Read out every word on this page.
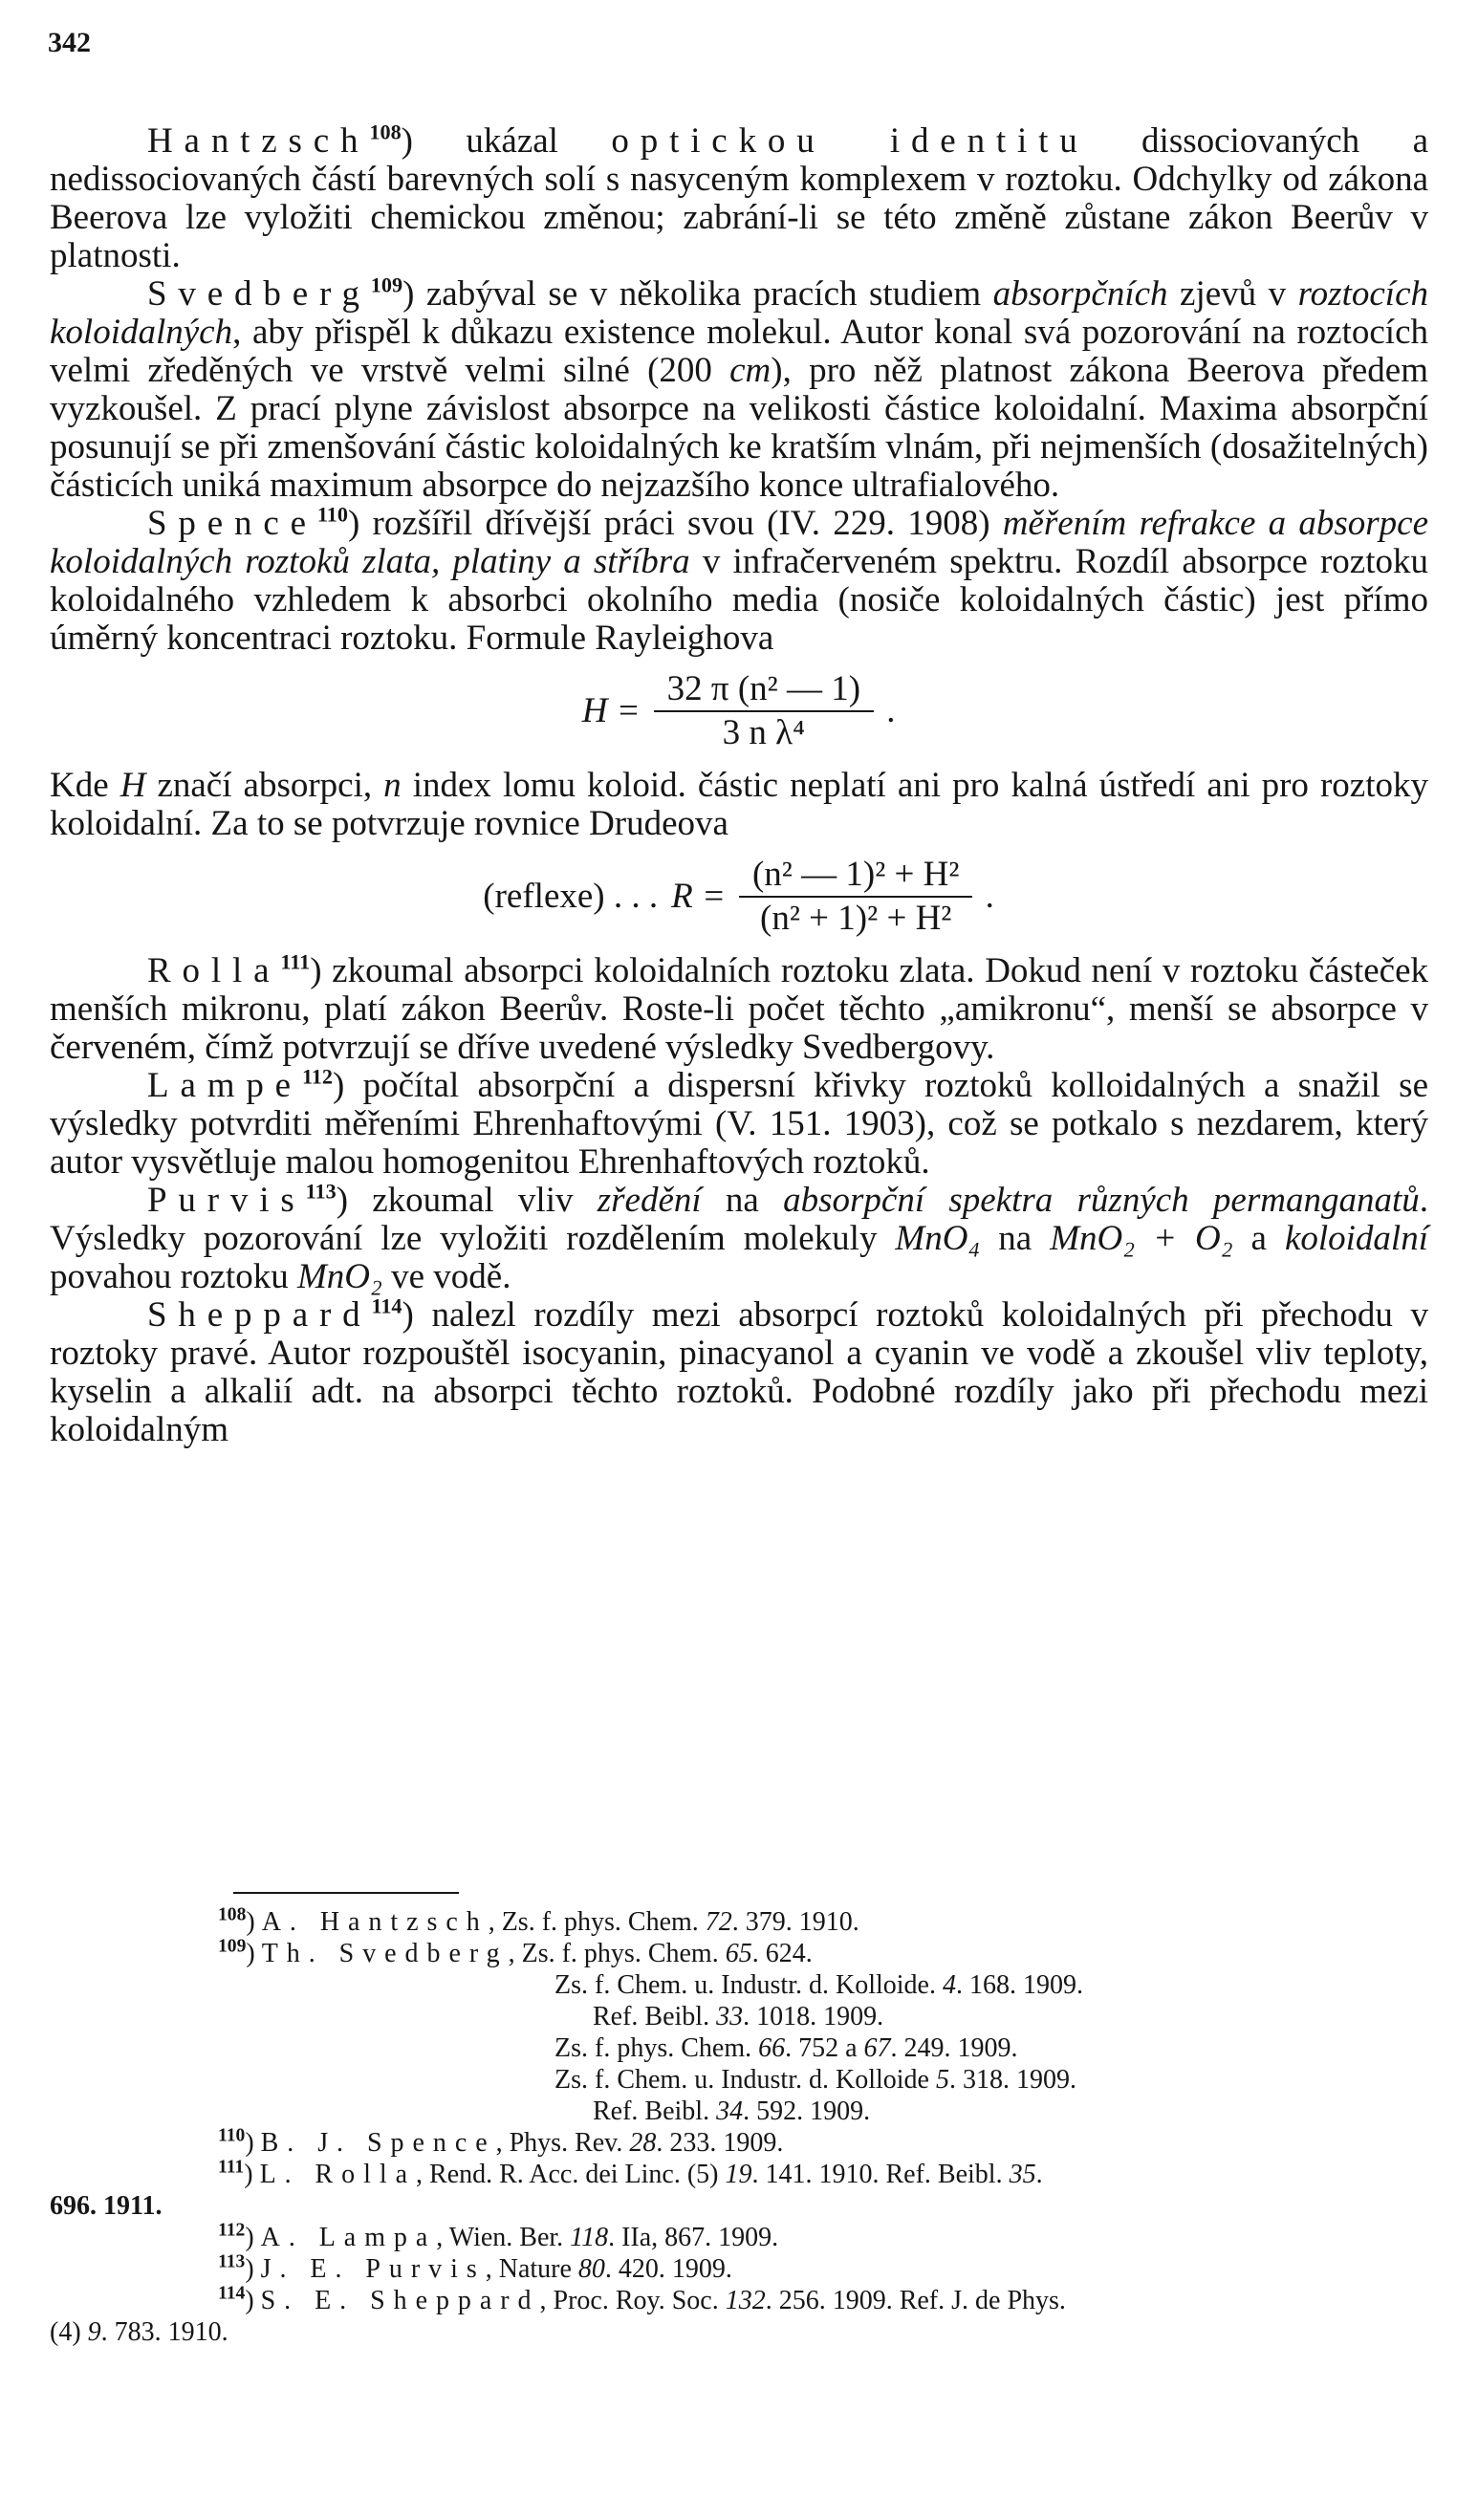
342

Hantzsch$^{108}$) ukázal optickou identitu dissociovaných a nedissociovaných částí barevných solí s nasyceným komplexem v roztoku. Odchylky od zákona Beerova lze vyložiti chemickou změnou; zabrání-li se této změně zůstane zákon Beerův v platnosti.

Svedberg$^{109}$) zabýval se v několika pracích studiem absorpčních zjevů v roztocích koloidalných, aby přispěl k důkazu existence molekul. Autor konal svá pozorování na roztocích velmi zředěných ve vrstvě velmi silné (200 cm), pro něž platnost zákona Beerova předem vyzkoušel. Z prací plyne závislost absorpce na velikosti částice koloidalní. Maxima absorpční posunují se při zmenšování částic koloidalných ke kratším vlnám, při nejmenších (dosažitelných) částicích uniká maximum absorpce do nejzazšího konce ultrafialového.

Spence$^{110}$) rozšířil dřívější práci svou (IV. 229. 1908) měřením refrakce a absorpce koloidalných roztoků zlata, platiny a stříbra v infračerveném spektru. Rozdíl absorpce roztoku koloidalného vzhledem k absorbci okolního media (nosiče koloidalných částic) jest přímo úměrný koncentraci roztoku. Formule Rayleighova

$H = \frac{\text{32 π (n² — 1)}}{\text{3 n λ⁴}}$ .

Kde H značí absorpci, n index lomu koloid. částic neplatí ani pro kalná ústředí ani pro roztoky koloidalní. Za to se potvrzuje rovnice Drudeova

(reflexe) . . . $R = \frac{\text{(n² — 1)² + H²}}{\text{(n² + 1)² + H²}}$ .

Rolla$^{111}$) zkoumal absorpci koloidalních roztoku zlata. Dokud není v roztoku částeček menších mikronu, platí zákon Beerův. Roste-li počet těchto „amikronu“, menší se absorpce v červeném, čímž potvrzují se dříve uvedené výsledky Svedbergovy.

Lampe$^{112}$) počítal absorpční a dispersní křivky roztoků kolloidalných a snažil se výsledky potvrditi měřeními Ehrenhaftovými (V. 151. 1903), což se potkalo s nezdarem, který autor vysvětluje malou homogenitou Ehrenhaftových roztoků.

Purvis$^{113}$) zkoumal vliv zředění na absorpční spektra různých permanganatů. Výsledky pozorování lze vyložiti rozdělením molekuly MnO₄ na MnO₂ + O₂ a koloidalní povahou roztoku MnO₂ ve vodě.

Sheppard$^{114}$) nalezl rozdíly mezi absorpcí roztoků koloidalných při přechodu v roztoky pravé. Autor rozpouštěl isocyanin, pinacyanol a cyanin ve vodě a zkoušel vliv teploty, kyselin a alkalií adt. na absorpci těchto roztoků. Podobné rozdíly jako při přechodu mezi koloidalným

$^{108}$) A. Hantzsch, Zs. f. phys. Chem. 72. 379. 1910.
$^{109}$) Th. Svedberg, Zs. f. phys. Chem. 65. 624.
Zs. f. Chem. u. Industr. d. Kolloide. 4. 168. 1909.
Ref. Beibl. 33. 1018. 1909.
Zs. f. phys. Chem. 66. 752 a 67. 249. 1909.
Zs. f. Chem. u. Industr. d. Kolloide 5. 318. 1909.
Ref. Beibl. 34. 592. 1909.
$^{110}$) B. J. Spence, Phys. Rev. 28. 233. 1909.
$^{111}$) L. Rolla, Rend. R. Acc. dei Linc. (5) 19. 141. 1910. Ref. Beibl. 35.
696. 1911.
$^{112}$) A. Lampa, Wien. Ber. 118. IIa, 867. 1909.
$^{113}$) J. E. Purvis, Nature 80. 420. 1909.
$^{114}$) S. E. Sheppard, Proc. Roy. Soc. 132. 256. 1909. Ref. J. de Phys.
(4) 9. 783. 1910.
